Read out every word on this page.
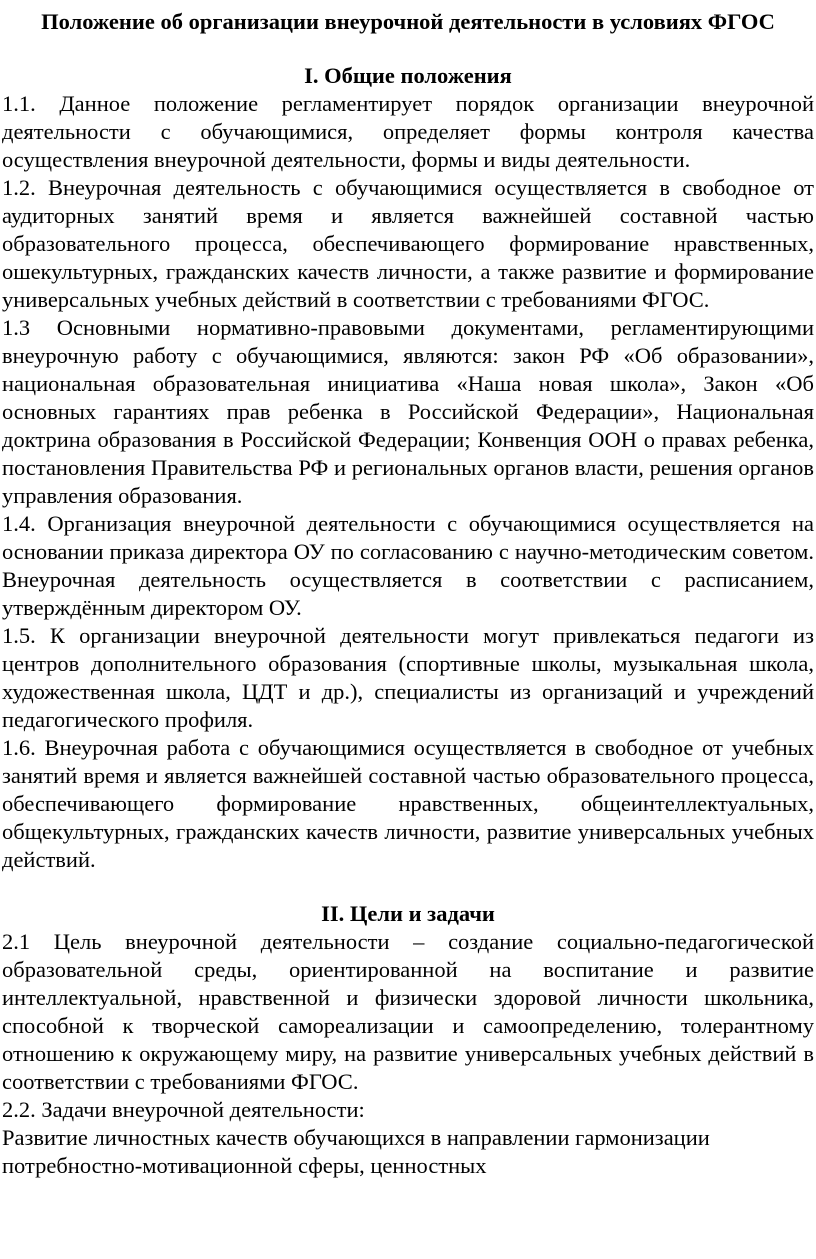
Положение об организации внеурочной деятельности в условиях ФГОС
I. Общие положения

1.1. Данное положение регламентирует порядок организации внеурочной деятельности с обучающимися, определяет формы контроля качества осуществления внеурочной деятельности, формы и виды деятельности.

1.2. Внеурочная деятельность с обучающимися осуществляется в свободное от аудиторных занятий время и является важнейшей составной частью образовательного процесса, обеспечивающего формирование нравственных, ошекультурных, гражданских качеств личности, а также развитие и формирование универсальных учебных действий в соответствии с требованиями ФГОС.

1.3 Основными нормативно-правовыми документами, регламентирующими внеурочную работу с обучающимися, являются: закон РФ «Об образовании», национальная образовательная инициатива «Наша новая школа», Закон «Об основных гарантиях прав ребенка в Российской Федерации», Национальная доктрина образования в Российской Федерации; Конвенция ООН о правах ребенка, постановления Правительства РФ и региональных органов власти, решения органов управления образования.

1.4. Организация внеурочной деятельности с обучающимися осуществляется на основании приказа директора ОУ по согласованию с научно-методическим советом. Внеурочная деятельность осуществляется в соответствии с расписанием, утверждённым директором ОУ.

1.5. К организации внеурочной деятельности могут привлекаться педагоги из центров дополнительного образования (спортивные школы, музыкальная школа, художественная школа, ЦДТ и др.), специалисты из организаций и учреждений педагогического профиля.

1.6. Внеурочная работа с обучающимися осуществляется в свободное от учебных занятий время и является важнейшей составной частью образовательного процесса, обеспечивающего формирование нравственных, общеинтеллектуальных, общекультурных, гражданских качеств личности, развитие универсальных учебных действий.

II. Цели и задачи

2.1 Цель внеурочной деятельности – создание социально-педагогической образовательной среды, ориентированной на воспитание и развитие интеллектуальной, нравственной и физически здоровой личности школьника, способной к творческой самореализации и самоопределению, толерантному отношению к окружающему миру, на развитие универсальных учебных действий в соответствии с требованиями ФГОС.

2.2. Задачи внеурочной деятельности:

Развитие личностных качеств обучающихся в направлении гармонизации потребностно-мотивационной сферы, ценностных
